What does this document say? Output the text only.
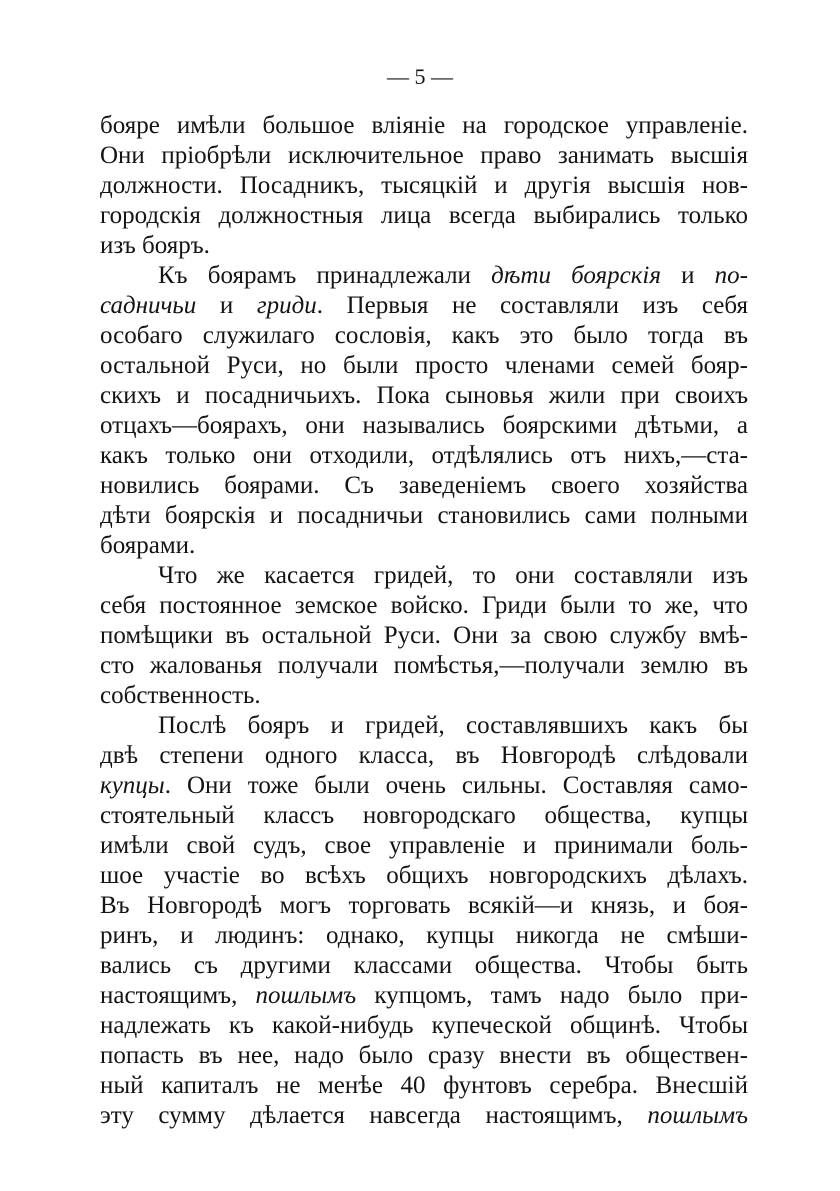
— 5 —
бояре имѣли большое вліяніе на городское управленіе.
Они пріобрѣли исключительное право занимать высшія
должности. Посадникъ, тысяцкій и другія высшія нов-
городскія должностныя лица всегда выбирались только
изъ бояръ.
Къ боярамъ принадлежали дѣти боярскія и по-
садничьи и гриди. Первыя не составляли изъ себя
особаго служилаго сословія, какъ это было тогда въ
остальной Руси, но были просто членами семей бояр-
скихъ и посадничьихъ. Пока сыновья жили при своихъ
отцахъ—боярахъ, они назывались боярскими дѣтьми, а
какъ только они отходили, отдѣлялись отъ нихъ,—ста-
новились боярами. Съ заведеніемъ своего хозяйства
дѣти боярскія и посадничьи становились сами полными
боярами.
Что же касается гридей, то они составляли изъ
себя постоянное земское войско. Гриди были то же, что
помѣщики въ остальной Руси. Они за свою службу вмѣ-
сто жалованья получали помѣстья,—получали землю въ
собственность.
Послѣ бояръ и гридей, составлявшихъ какъ бы
двѣ степени одного класса, въ Новгородѣ слѣдовали
купцы. Они тоже были очень сильны. Составляя само-
стоятельный классъ новгородскаго общества, купцы
имѣли свой судъ, свое управленіе и принимали боль-
шое участіе во всѣхъ общихъ новгородскихъ дѣлахъ.
Въ Новгородѣ могъ торговать всякій—и князь, и боя-
ринъ, и людинъ: однако, купцы никогда не смѣши-
вались съ другими классами общества. Чтобы быть
настоящимъ, пошлымъ купцомъ, тамъ надо было при-
надлежать къ какой-нибудь купеческой общинѣ. Чтобы
попасть въ нее, надо было сразу внести въ обществен-
ный капиталъ не менѣе 40 фунтовъ серебра. Внесшій
эту сумму дѣлается навсегда настоящимъ, пошлымъ
